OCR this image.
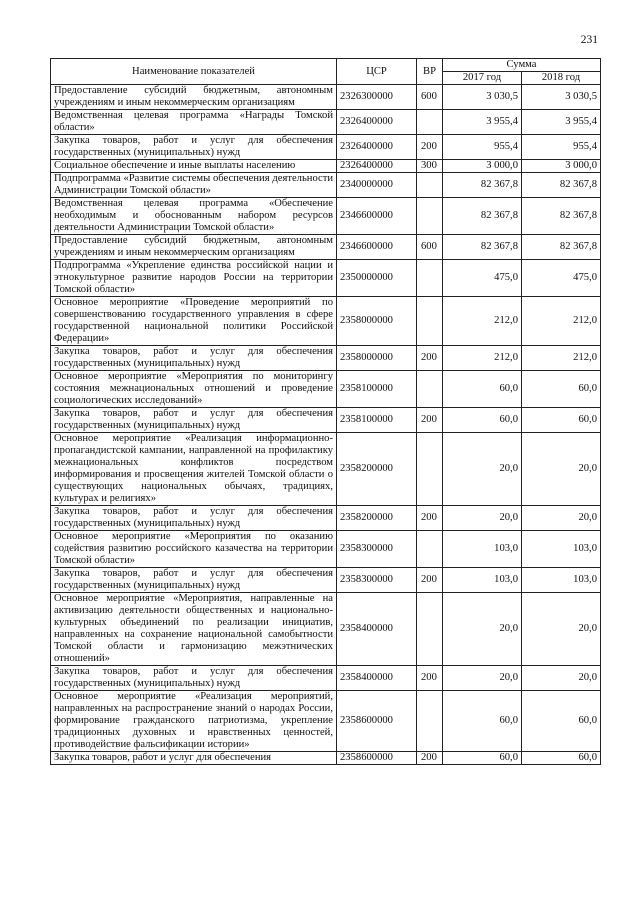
231
Наименование показателей	ЦСР	ВР	Сумма	
			2017 год	2018 год
Предоставление субсидий бюджетным, автономным учреждениям и иным некоммерческим организациям	2326300000	600	3 030,5	3 030,5
Ведомственная целевая программа «Награды Томской области»	2326400000		3 955,4	3 955,4
Закупка товаров, работ и услуг для обеспечения государственных (муниципальных) нужд	2326400000	200	955,4	955,4
Социальное обеспечение и иные выплаты населению	2326400000	300	3 000,0	3 000,0
Подпрограмма «Развитие системы обеспечения деятельности Администрации Томской области»	2340000000		82 367,8	82 367,8
Ведомственная целевая программа «Обеспечение необходимым и обоснованным набором ресурсов деятельности Администрации Томской области»	2346600000		82 367,8	82 367,8
Предоставление субсидий бюджетным, автономным учреждениям и иным некоммерческим организациям	2346600000	600	82 367,8	82 367,8
Подпрограмма «Укрепление единства российской нации и этнокультурное развитие народов России на территории Томской области»	2350000000		475,0	475,0
Основное мероприятие «Проведение мероприятий по совершенствованию государственного управления в сфере государственной национальной политики Российской Федерации»	2358000000		212,0	212,0
Закупка товаров, работ и услуг для обеспечения государственных (муниципальных) нужд	2358000000	200	212,0	212,0
Основное мероприятие «Мероприятия по мониторингу состояния межнациональных отношений и проведение социологических исследований»	2358100000		60,0	60,0
Закупка товаров, работ и услуг для обеспечения государственных (муниципальных) нужд	2358100000	200	60,0	60,0
Основное мероприятие «Реализация информационно-пропагандистской кампании, направленной на профилактику межнациональных конфликтов посредством информирования и просвещения жителей Томской области о существующих национальных обычаях, традициях, культурах и религиях»	2358200000		20,0	20,0
Закупка товаров, работ и услуг для обеспечения государственных (муниципальных) нужд	2358200000	200	20,0	20,0
Основное мероприятие «Мероприятия по оказанию содействия развитию российского казачества на территории Томской области»	2358300000		103,0	103,0
Закупка товаров, работ и услуг для обеспечения государственных (муниципальных) нужд	2358300000	200	103,0	103,0
Основное мероприятие «Мероприятия, направленные на активизацию деятельности общественных и национально-культурных объединений по реализации инициатив, направленных на сохранение национальной самобытности Томской области и гармонизацию межэтнических отношений»	2358400000		20,0	20,0
Закупка товаров, работ и услуг для обеспечения государственных (муниципальных) нужд	2358400000	200	20,0	20,0
Основное мероприятие «Реализация мероприятий, направленных на распространение знаний о народах России, формирование гражданского патриотизма, укрепление традиционных духовных и нравственных ценностей, противодействие фальсификации истории»	2358600000		60,0	60,0
Закупка товаров, работ и услуг для обеспечения	2358600000	200	60,0	60,0
